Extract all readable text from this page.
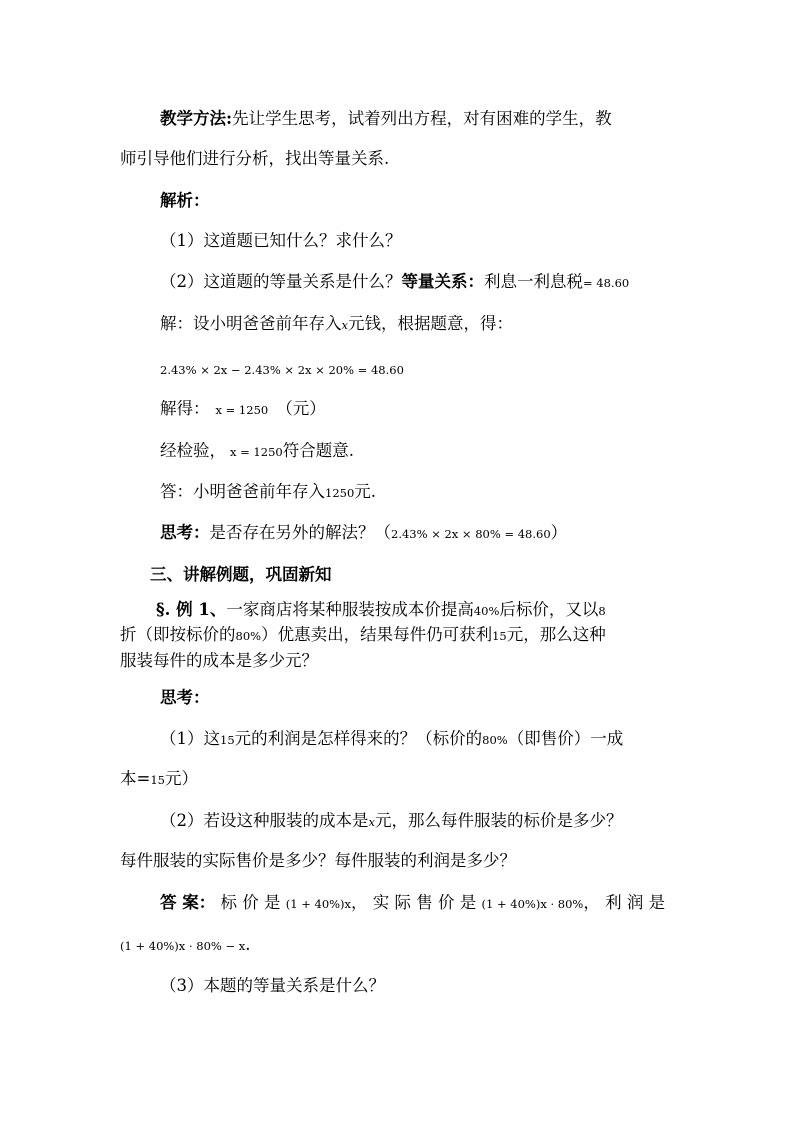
教学方法:先让学生思考，试着列出方程，对有困难的学生，教
师引导他们进行分析，找出等量关系.
解析：
（1）这道题已知什么？求什么？
（2）这道题的等量关系是什么？等量关系：利息一利息税= 48.60
解：设小明爸爸前年存入x元钱，根据题意，得：
2.43% × 2x − 2.43% × 2x × 20% = 48.60
解得： x = 1250 （元）
经检验， x = 1250符合题意.
答：小明爸爸前年存入1250元.
思考：是否存在另外的解法？（2.43% × 2x × 80% = 48.60）
三、讲解例题，巩固新知
§. 例 1、一家商店将某种服装按成本价提高40%后标价，又以8
折（即按标价的80%）优惠卖出，结果每件仍可获利15元，那么这种
服装每件的成本是多少元？
思考：
（1）这15元的利润是怎样得来的？（标价的80%（即售价）一成
本=15元）
（2）若设这种服装的成本是x元，那么每件服装的标价是多少？
每件服装的实际售价是多少？每件服装的利润是多少？
答 案： 标 价 是 (1 + 40%)x， 实 际 售 价 是 (1 + 40%)x · 80%， 利 润 是
(1 + 40%)x · 80% − x.
（3）本题的等量关系是什么？
